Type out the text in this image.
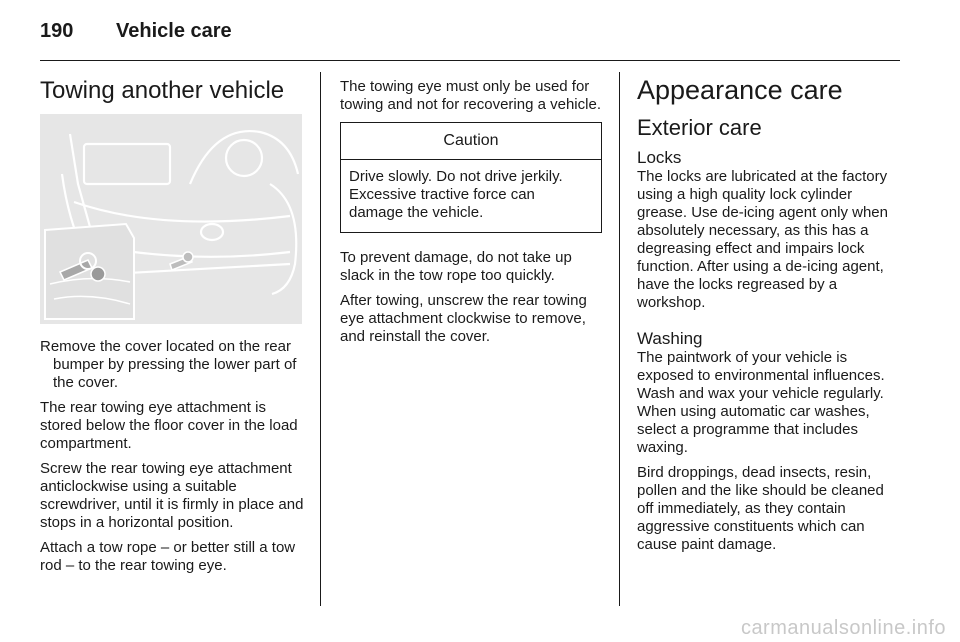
190 Vehicle care
Towing another vehicle

Remove the cover located on the rear bumper by pressing the lower part of the cover.

The rear towing eye attachment is stored below the floor cover in the load compartment.

Screw the rear towing eye attachment anticlockwise using a suitable screwdriver, until it is firmly in place and stops in a horizontal position.

Attach a tow rope – or better still a tow rod – to the rear towing eye.

The towing eye must only be used for towing and not for recovering a vehicle.

Caution
Drive slowly. Do not drive jerkily. Excessive tractive force can damage the vehicle.

To prevent damage, do not take up slack in the tow rope too quickly.

After towing, unscrew the rear towing eye attachment clockwise to remove, and reinstall the cover.

Appearance care
Exterior care
Locks

The locks are lubricated at the factory using a high quality lock cylinder grease. Use de-icing agent only when absolutely necessary, as this has a degreasing effect and impairs lock function. After using a de-icing agent, have the locks regreased by a workshop.

Washing

The paintwork of your vehicle is exposed to environmental influences. Wash and wax your vehicle regularly. When using automatic car washes, select a programme that includes waxing.

Bird droppings, dead insects, resin, pollen and the like should be cleaned off immediately, as they contain aggressive constituents which can cause paint damage.

carmanualsonline.info
